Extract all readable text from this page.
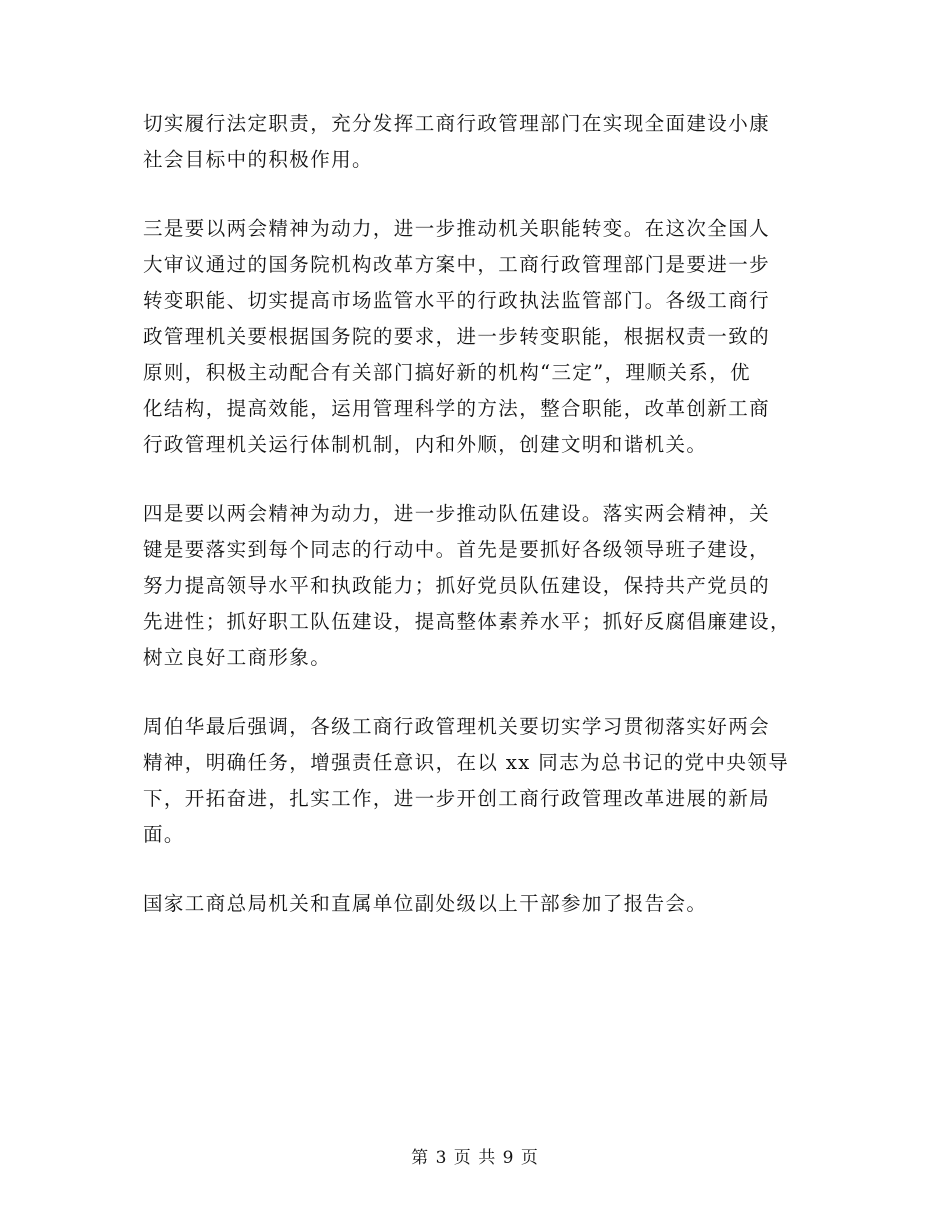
切实履行法定职责，充分发挥工商行政管理部门在实现全面建设小康
社会目标中的积极作用。
三是要以两会精神为动力，进一步推动机关职能转变。在这次全国人
大审议通过的国务院机构改革方案中，工商行政管理部门是要进一步
转变职能、切实提高市场监管水平的行政执法监管部门。各级工商行
政管理机关要根据国务院的要求，进一步转变职能，根据权责一致的
原则，积极主动配合有关部门搞好新的机构“三定”，理顺关系，优
化结构，提高效能，运用管理科学的方法，整合职能，改革创新工商
行政管理机关运行体制机制，内和外顺，创建文明和谐机关。
四是要以两会精神为动力，进一步推动队伍建设。落实两会精神，关
键是要落实到每个同志的行动中。首先是要抓好各级领导班子建设，
努力提高领导水平和执政能力；抓好党员队伍建设，保持共产党员的
先进性；抓好职工队伍建设，提高整体素养水平；抓好反腐倡廉建设，
树立良好工商形象。
周伯华最后强调，各级工商行政管理机关要切实学习贯彻落实好两会
精神，明确任务，增强责任意识，在以 xx 同志为总书记的党中央领导
下，开拓奋进，扎实工作，进一步开创工商行政管理改革进展的新局
面。
国家工商总局机关和直属单位副处级以上干部参加了报告会。
第 3 页 共 9 页
